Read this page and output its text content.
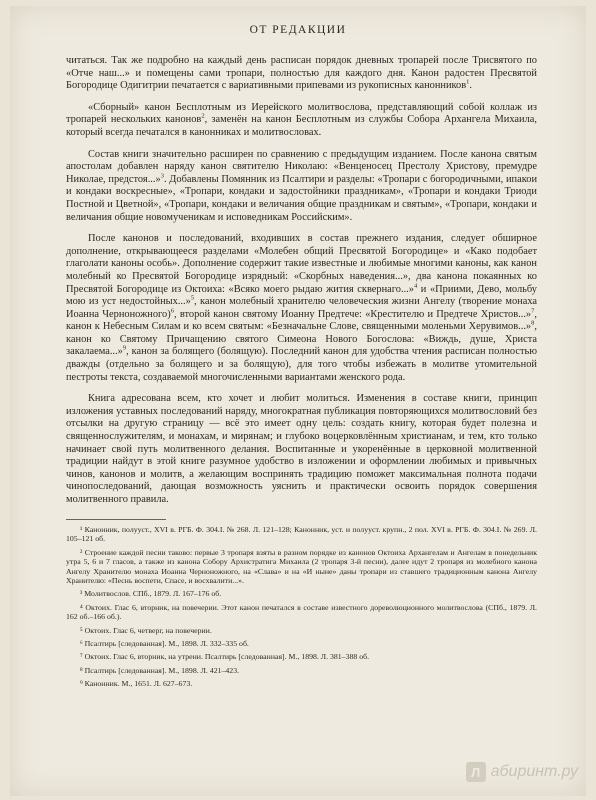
ОТ РЕДАКЦИИ

читаться. Так же подробно на каждый день расписан порядок дневных тропарей после Трисвятого по «Отче наш...» и помещены сами тропари, полностью для каждого дня. Канон радостен Пресвятой Богородице Одигитрии печатается с вариативными припевами из рукописных канонников$^1$.

«Сборный» канон Бесплотным из Иерейского молитвослова, представляющий собой коллаж из тропарей нескольких канонов$^2$, заменён на канон Бесплотным из службы Собора Архангела Михаила, который всегда печатался в канонниках и молитвословах.

Состав книги значительно расширен по сравнению с предыдущим изданием. После канона святым апостолам добавлен наряду канон святителю Николаю: «Венценосец Престолу Христову, премудре Николае, предстоя...»$^3$. Добавлены Помянник из Псалтири и разделы: «Тропари с богородичными, ипакои и кондаки воскресные», «Тропари, кондаки и задостойники праздникам», «Тропари и кондаки Триоди Постной и Цветной», «Тропари, кондаки и величания общие праздникам и святым», «Тропари, кондаки и величания общие новомученикам и исповедникам Российским».

После канонов и последований, входивших в состав прежнего издания, следует обширное дополнение, открывающееся разделами «Молебен общий Пресвятой Богородице» и «Како подобает глаголати каноны особь». Дополнение содержит такие известные и любимые многими каноны, как канон молебный ко Пресвятой Богородице изрядный: «Скорбных наведения...», два канона покаянных ко Пресвятой Богородице из Октоиха: «Всяко моего рыдаю жития сквернаго...»$^4$ и «Приими, Дево, мольбу мою из уст недостойных...»$^5$, канон молебный хранителю человеческия жизни Ангелу (творение монаха Иоанна Черноножного)$^6$, второй канон святому Иоанну Предтече: «Крестителю и Предтече Христов...»$^7$, канон к Небесным Силам и ко всем святым: «Безначальне Слове, священными моленьми Херувимов...»$^8$, канон ко Святому Причащению святого Симеона Нового Богослова: «Виждь, душе, Христа закалаема...»$^9$, канон за болящего (болящую). Последний канон для удобства чтения расписан полностью дважды (отдельно за болящего и за болящую), для того чтобы избежать в молитве утомительной пестроты текста, создаваемой многочисленными вариантами женского рода.

Книга адресована всем, кто хочет и любит молиться. Изменения в составе книги, принцип изложения уставных последований наряду, многократная публикация повторяющихся молитвословий без отсылки на другую страницу — всё это имеет одну цель: создать книгу, которая будет полезна и священнослужителям, и монахам, и мирянам; и глубоко воцерковлённым христианам, и тем, кто только начинает свой путь молитвенного делания. Воспитанные и укоренённые в церковной молитвенной традиции найдут в этой книге разумное удобство в изложении и оформлении любимых и привычных чинов, канонов и молитв, а желающим воспринять традицию поможет максимальная полнота подачи чинопоследований, дающая возможность уяснить и практически освоить порядок совершения молитвенного правила.

¹ Канонник, полууст., XVI в. РГБ. Ф. 304.I. № 268. Л. 121–128; Канонник, уст. и полууст. крупн., 2 пол. XVI в. РГБ. Ф. 304.I. № 269. Л. 105–121 об.
² Строение каждой песни таково: первые 3 тропаря взяты в разном порядке из канонов Октоиха Архангелам и Ангелам в понедельник утра 5, 6 и 7 гласов, а также из канона Собору Архистратига Михаила (2 тропаря 3-й песни), далее идут 2 тропаря из молебного канона Ангелу Хранителю монаха Иоанна Черноножного, на «Слава» и на «И ныне» даны тропари из ставшего традиционным канона Ангелу Хранителю: «Песнь воспети, Спасе, и восхвалити...».
³ Молитвослов. СПб., 1879. Л. 167–176 об.
⁴ Октоих. Глас 6, вторник, на повечерии. Этот канон печатался в составе известного дореволюционного молитвослова (СПб., 1879. Л. 162 об.–166 об.).
⁵ Октоих. Глас 6, четверг, на повечерии.
⁶ Псалтирь [следованная]. М., 1898. Л. 332–335 об.
⁷ Октоих. Глас 6, вторник, на утрени. Псалтирь [следованная]. М., 1898. Л. 381–388 об.
⁸ Псалтирь [следованная]. М., 1898. Л. 421–423.
⁹ Канонник. М., 1651. Л. 627–673.
Л абиринт.ру
